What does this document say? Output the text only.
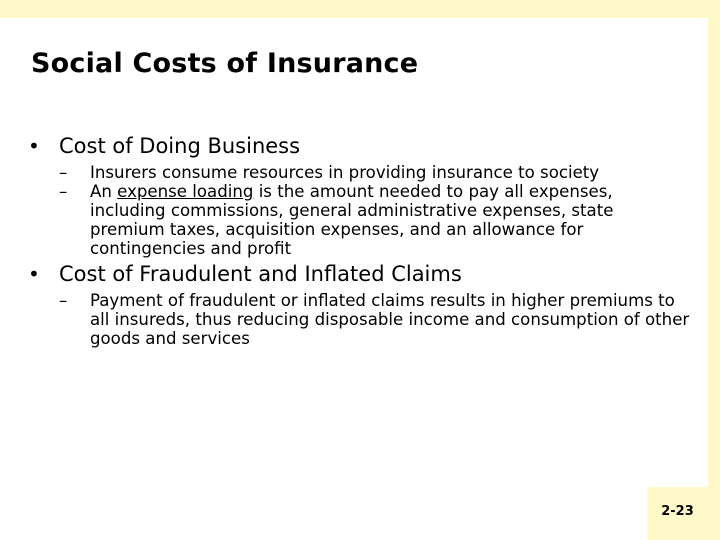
Social Costs of Insurance
• Cost of Doing Business
– Insurers consume resources in providing insurance to society
– An expense loading is the amount needed to pay all expenses, including commissions, general administrative expenses, state premium taxes, acquisition expenses, and an allowance for contingencies and profit
• Cost of Fraudulent and Inflated Claims
– Payment of fraudulent or inflated claims results in higher premiums to all insureds, thus reducing disposable income and consumption of other goods and services
2-23
